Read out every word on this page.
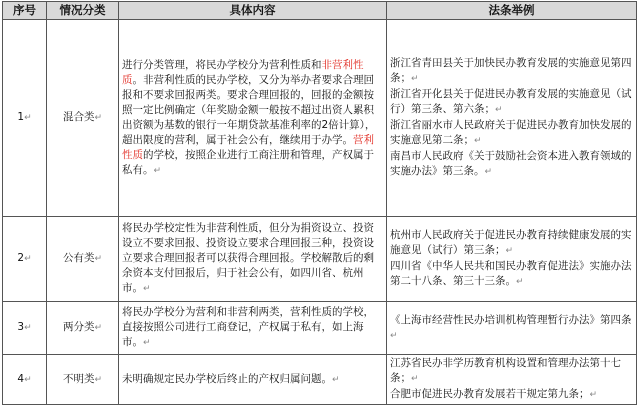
序号	情况分类	具体内容	法条举例
1↵	混合类↵	进行分类管理，将民办学校分为营利性质和非营利性质。非营利性质的民办学校，又分为举办者要求合理回报和不要求回报两类。要求合理回报的，回报的金额按照一定比例确定（年奖励金额一般按不超过出资人累积出资额为基数的银行一年期贷款基准利率的2倍计算），超出限度的营利，属于社会公有，继续用于办学。营利性质的学校，按照企业进行工商注册和管理，产权属于私有。↵	浙江省青田县关于加快民办教育发展的实施意见第四条；↵
浙江省开化县关于促进民办教育发展的实施意见（试行）第三条、第六条；↵
浙江省丽水市人民政府关于促进民办教育加快发展的实施意见第二条；↵
南昌市人民政府《关于鼓励社会资本进入教育领域的实施办法》第三条。↵

2↵	公有类↵	将民办学校定性为非营利性质，但分为捐资设立、投资设立不要求回报、投资设立要求合理回报三种，投资设立要求合理回报者可以获得合理回报。学校解散后的剩余资本支付回报后，归于社会公有，如四川省、杭州市。↵	杭州市人民政府关于促进民办教育持续健康发展的实施意见（试行）第三条；↵
四川省《中华人民共和国民办教育促进法》实施办法第二十八条、第三十三条。↵

3↵	两分类↵	将民办学校分为营利和非营利两类，营利性质的学校，直接按照公司进行工商登记，产权属于私有，如上海市。↵	《上海市经营性民办培训机构管理暂行办法》第四条↵

4↵	不明类↵	未明确规定民办学校后终止的产权归属问题。↵	江苏省民办非学历教育机构设置和管理办法第十七条；↵
合肥市促进民办教育发展若干规定第九条；↵
